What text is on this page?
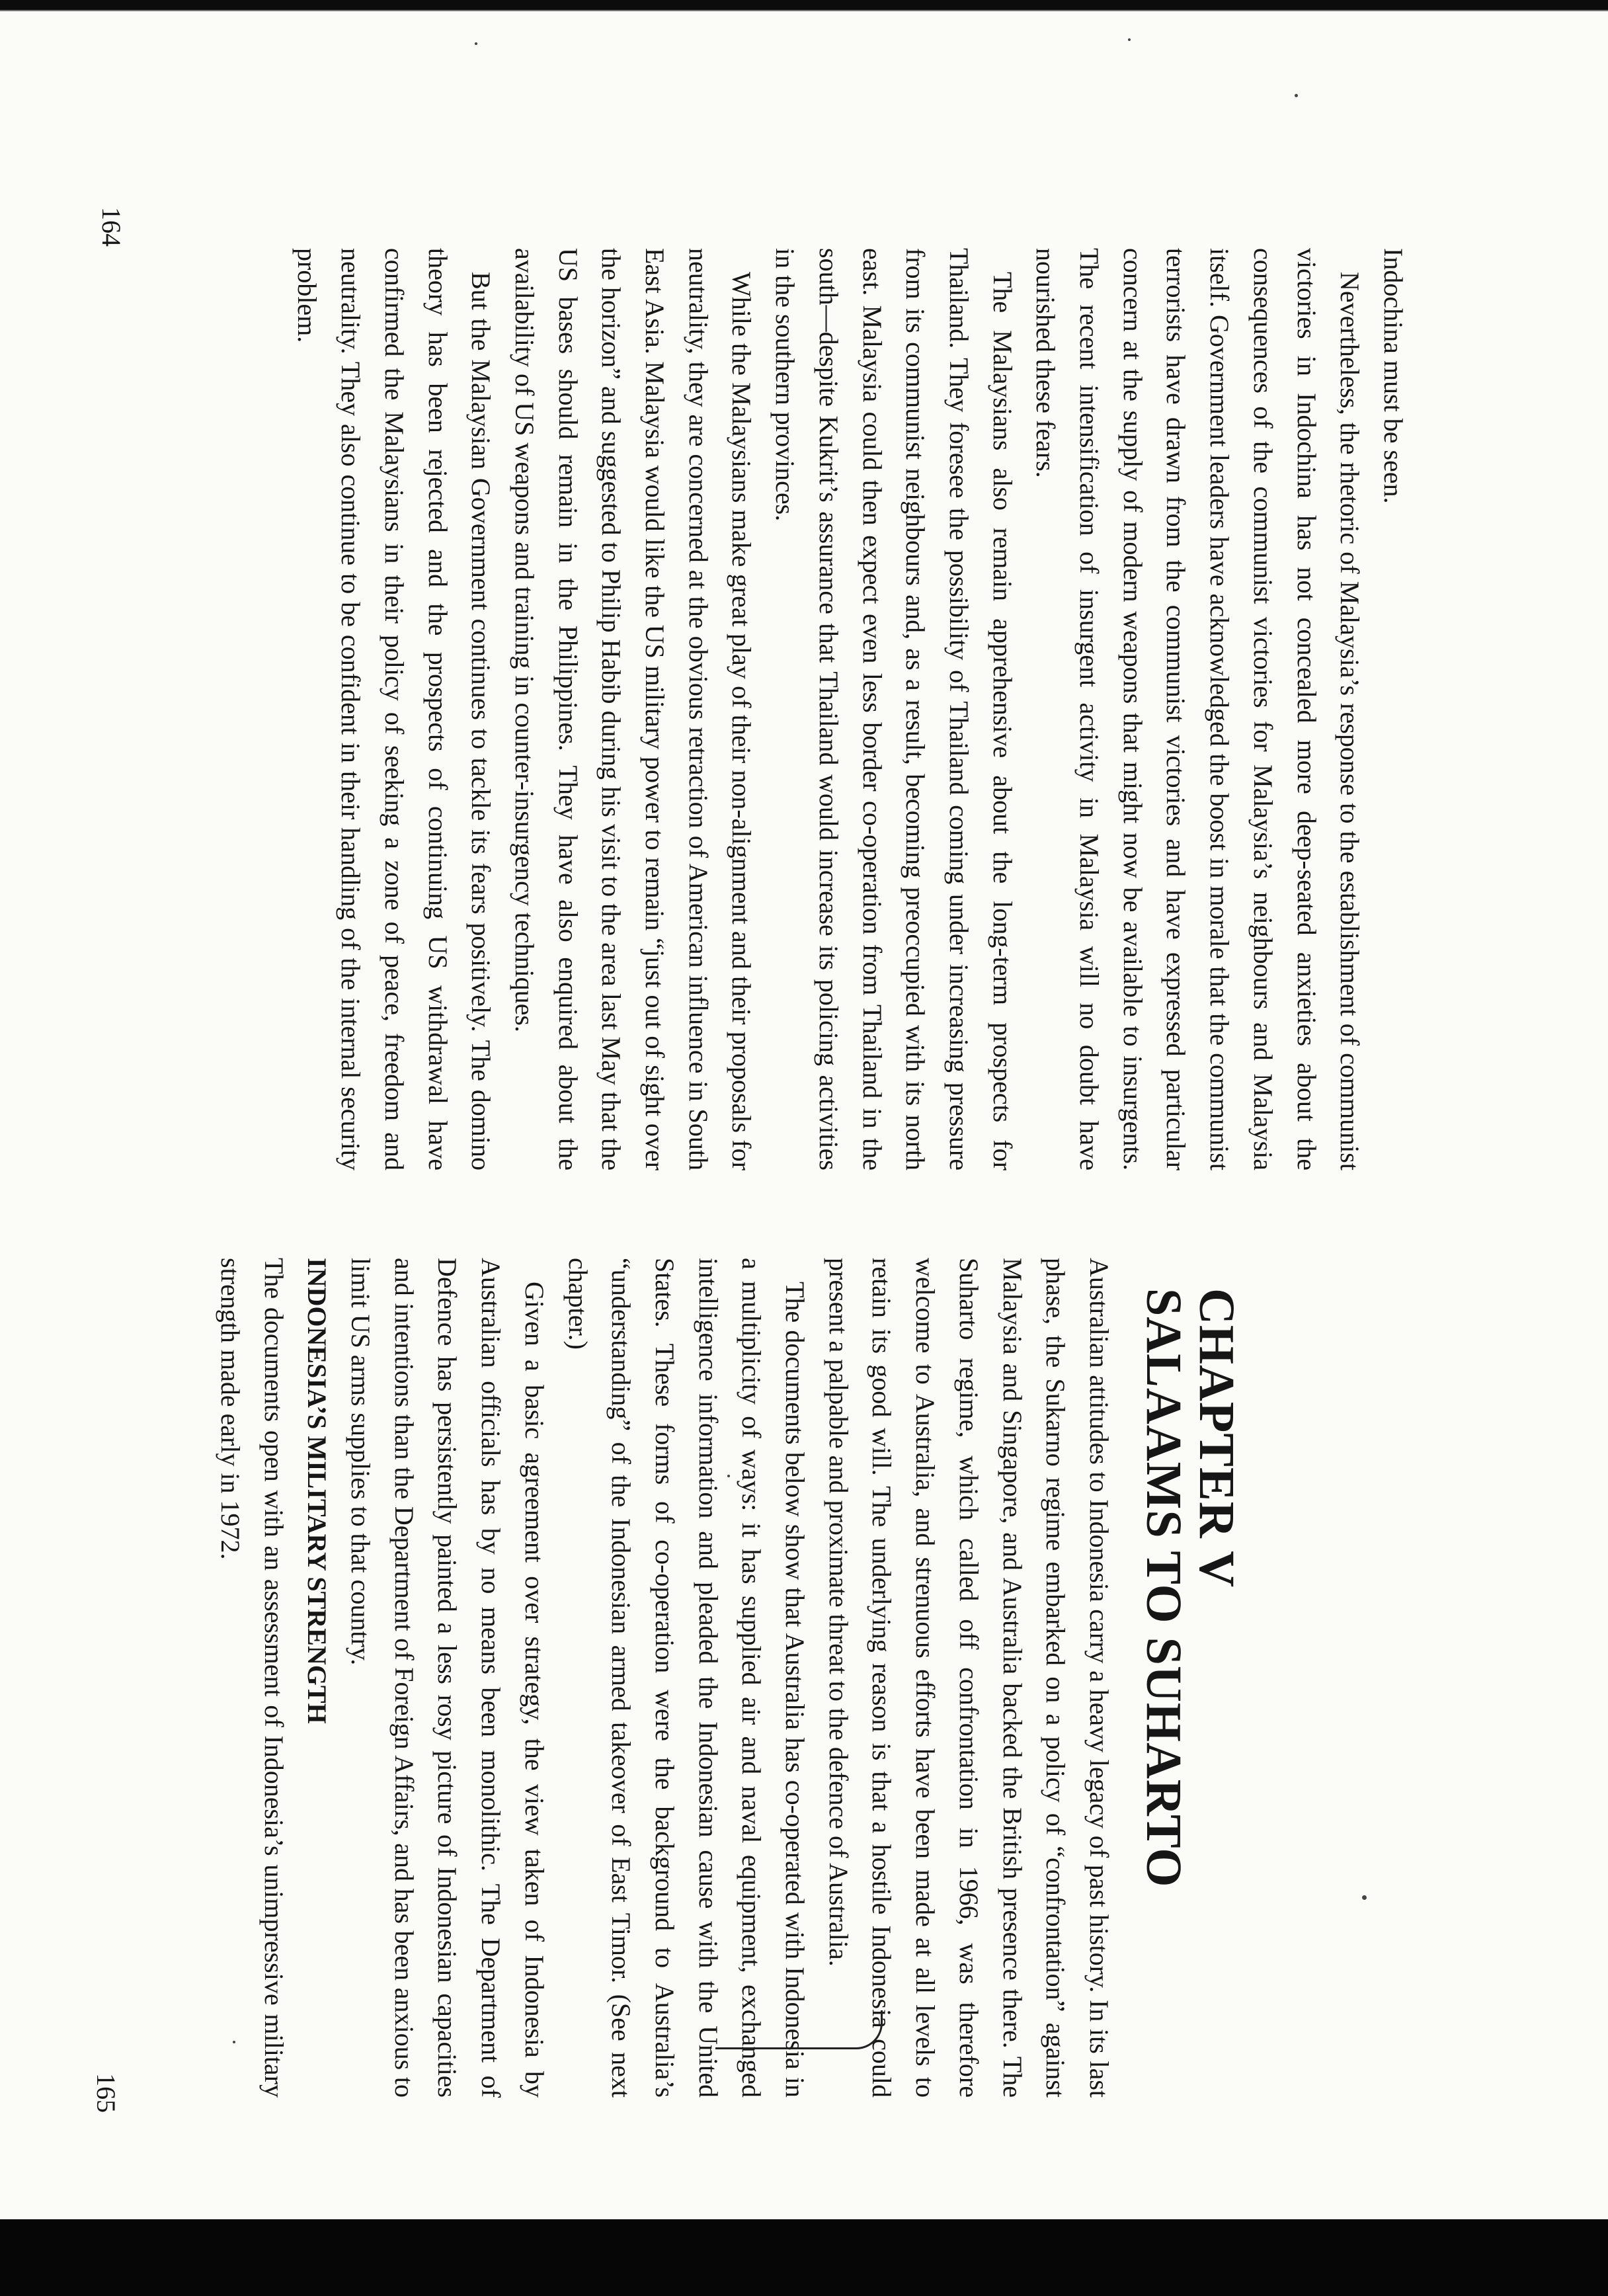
Indochina must be seen.

Nevertheless, the rhetoric of Malaysia’s response to the establishment of communist victories in Indochina has not concealed more deep-seated anxieties about the consequences of the communist victories for Malaysia’s neighbours and Malaysia itself. Government leaders have acknowledged the boost in morale that the communist terrorists have drawn from the communist victories and have expressed particular concern at the supply of modern weapons that might now be available to insurgents. The recent intensification of insurgent activity in Malaysia will no doubt have nourished these fears.

The Malaysians also remain apprehensive about the long-term prospects for Thailand. They foresee the possibility of Thailand coming under increasing pressure from its communist neighbours and, as a result, becoming preoccupied with its north east. Malaysia could then expect even less border co-operation from Thailand in the south—despite Kukrit’s assurance that Thailand would increase its policing activities in the southern provinces.

While the Malaysians make great play of their non-alignment and their proposals for neutrality, they are concerned at the obvious retraction of American influence in South East Asia. Malaysia would like the US military power to remain “just out of sight over the horizon” and suggested to Philip Habib during his visit to the area last May that the US bases should remain in the Philippines. They have also enquired about the availability of US weapons and training in counter-insurgency techniques.

But the Malaysian Government continues to tackle its fears positively. The domino theory has been rejected and the prospects of continuing US withdrawal have confirmed the Malaysians in their policy of seeking a zone of peace, freedom and neutrality. They also continue to be confident in their handling of the internal security problem.

164
CHAPTER V
SALAAMS TO SUHARTO

Australian attitudes to Indonesia carry a heavy legacy of past history. In its last phase, the Sukarno regime embarked on a policy of “confrontation” against Malaysia and Singapore, and Australia backed the British presence there. The Suharto regime, which called off confrontation in 1966, was therefore welcome to Australia, and strenuous efforts have been made at all levels to retain its good will. The underlying reason is that a hostile Indonesia could present a palpable and proximate threat to the defence of Australia.

The documents below show that Australia has co-operated with Indonesia in a multiplicity of ways: it has supplied air and naval equipment, exchanged intelligence information and pleaded the Indonesian cause with the United States. These forms of co-operation were the background to Australia’s “understanding” of the Indonesian armed takeover of East Timor. (See next chapter.)

Given a basic agreement over strategy, the view taken of Indonesia by Australian officials has by no means been monolithic. The Department of Defence has persistently painted a less rosy picture of Indonesian capacities and intentions than the Department of Foreign Affairs, and has been anxious to limit US arms supplies to that country.

INDONESIA’S MILITARY STRENGTH

The documents open with an assessment of Indonesia’s unimpressive military strength made early in 1972.

165
